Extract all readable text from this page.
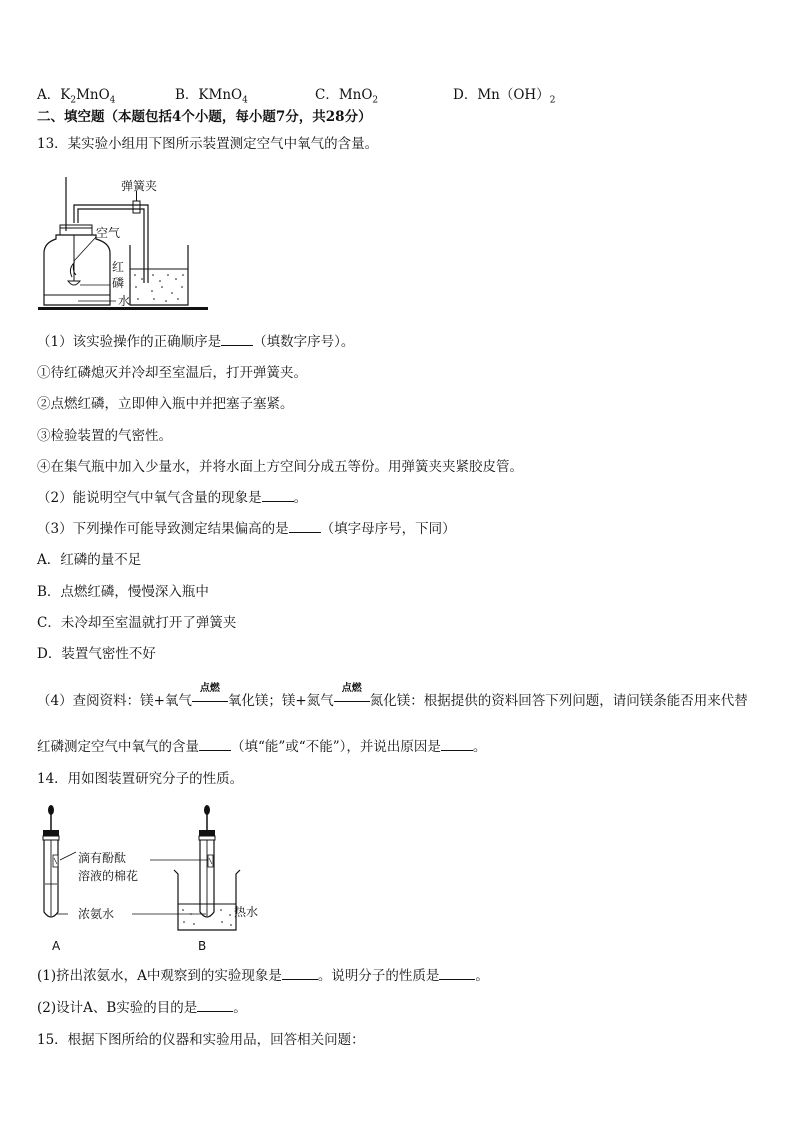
A．$K_2MnO_4$	B．KMnO$_4$	C．MnO$_2$	D．$Mn(OH)_2$
二、填空题（本题包括4个小题，每小题7分，共28分）
13．某实验小组用下图所示装置测定空气中氧气的含量。
弹簧夹
空气
红
磷
水
（1）该实验操作的正确顺序是 （填数字序号）。
①待红磷熄灭并冷却至室温后，打开弹簧夹。
②点燃红磷，立即伸入瓶中并把塞子塞紧。
③检验装置的气密性。
④在集气瓶中加入少量水，并将水面上方空间分成五等份。用弹簧夹夹紧胶皮管。
（2）能说明空气中氧气含量的现象是 。
（3）下列操作可能导致测定结果偏高的是 （填字母序号，下同）
A．红磷的量不足
B．点燃红磷，慢慢深入瓶中
C．未冷却至室温就打开了弹簧夹
D．装置气密性不好
（4）查阅资料：镁+氧气
点燃
氧化镁；镁+氮气
点燃
氮化镁：根据提供的资料回答下列问题，请问镁条能否用来代替
红磷测定空气中氧气的含量 （填“能”或“不能”），并说出原因是 。
14．用如图装置研究分子的性质。
滴有酚酞
溶液的棉花
浓氨水	热水
A	B
(1)挤出浓氨水，A中观察到的实验现象是	。说明分子的性质是	。
(2)设计A、B实验的目的是	。
15．根据下图所给的仪器和实验用品，回答相关问题：
